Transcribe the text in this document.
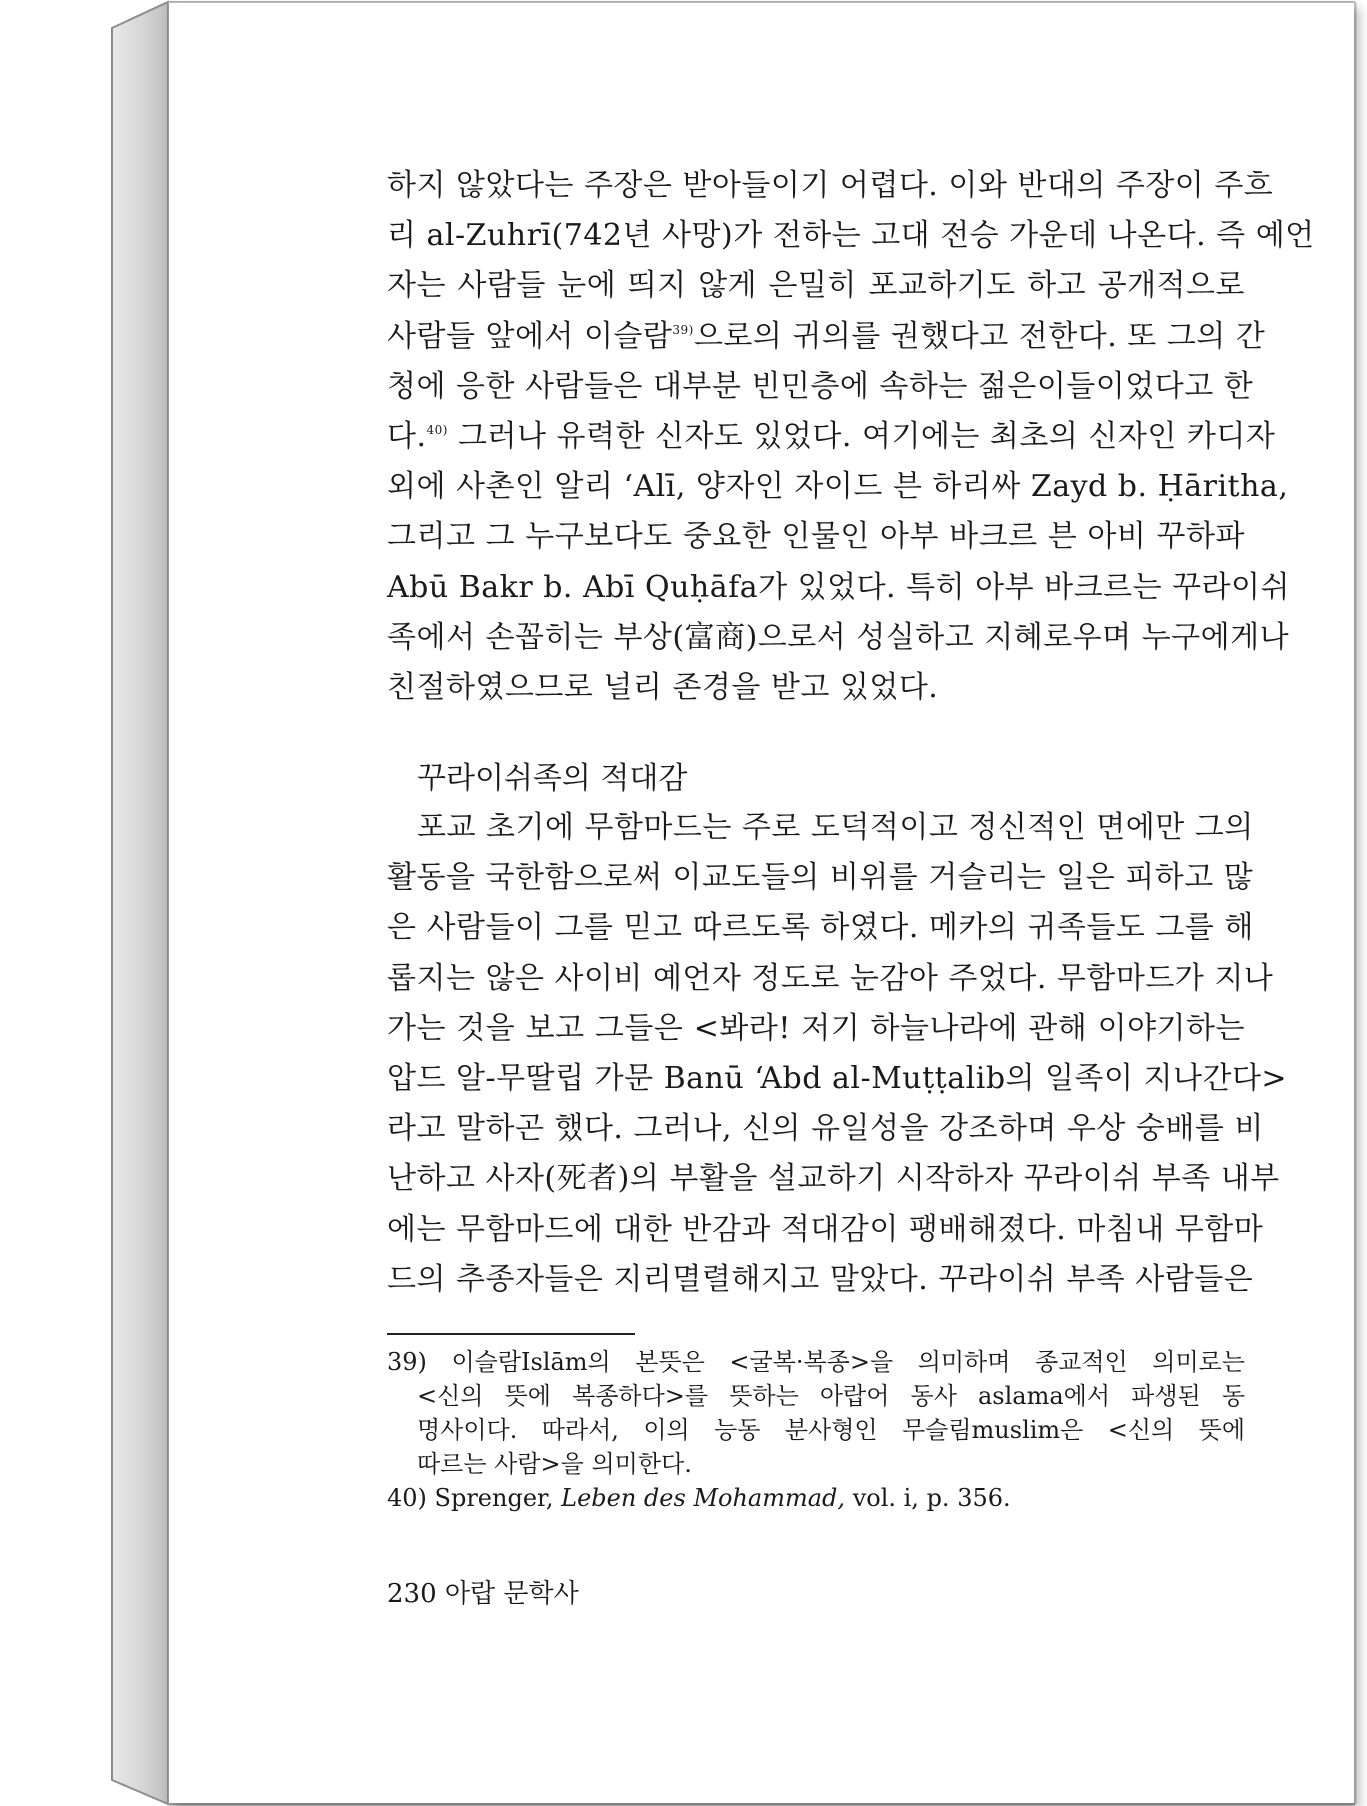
하지 않았다는 주장은 받아들이기 어렵다. 이와 반대의 주장이 주흐
리 al-Zuhrī(742년 사망)가 전하는 고대 전승 가운데 나온다. 즉 예언
자는 사람들 눈에 띄지 않게 은밀히 포교하기도 하고 공개적으로
사람들 앞에서 이슬람$^{39)}$으로의 귀의를 권했다고 전한다. 또 그의 간
청에 응한 사람들은 대부분 빈민층에 속하는 젊은이들이었다고 한
다.$^{40)}$ 그러나 유력한 신자도 있었다. 여기에는 최초의 신자인 카디자
외에 사촌인 알리 ‘Alī, 양자인 자이드 븐 하리싸 Zayd b. Ḥāritha,
그리고 그 누구보다도 중요한 인물인 아부 바크르 븐 아비 꾸하파
Abū Bakr b. Abī Quḥāfa가 있었다. 특히 아부 바크르는 꾸라이쉬
족에서 손꼽히는 부상(富商)으로서 성실하고 지혜로우며 누구에게나
친절하였으므로 널리 존경을 받고 있었다.
꾸라이쉬족의 적대감
포교 초기에 무함마드는 주로 도덕적이고 정신적인 면에만 그의
활동을 국한함으로써 이교도들의 비위를 거슬리는 일은 피하고 많
은 사람들이 그를 믿고 따르도록 하였다. 메카의 귀족들도 그를 해
롭지는 않은 사이비 예언자 정도로 눈감아 주었다. 무함마드가 지나
가는 것을 보고 그들은 <봐라! 저기 하늘나라에 관해 이야기하는
압드 알-무딸립 가문 Banū ‘Abd al-Muṭṭalib의 일족이 지나간다>
라고 말하곤 했다. 그러나, 신의 유일성을 강조하며 우상 숭배를 비
난하고 사자(死者)의 부활을 설교하기 시작하자 꾸라이쉬 부족 내부
에는 무함마드에 대한 반감과 적대감이 팽배해졌다. 마침내 무함마
드의 추종자들은 지리멸렬해지고 말았다. 꾸라이쉬 부족 사람들은
39) 이슬람Islām의 본뜻은 <굴복·복종>을 의미하며 종교적인 의미로는
<신의 뜻에 복종하다>를 뜻하는 아랍어 동사 aslama에서 파생된 동
명사이다. 따라서, 이의 능동 분사형인 무슬림muslim은 <신의 뜻에
따르는 사람>을 의미한다.
40) Sprenger, Leben des Mohammad, vol. i, p. 356.
230 아랍 문학사
